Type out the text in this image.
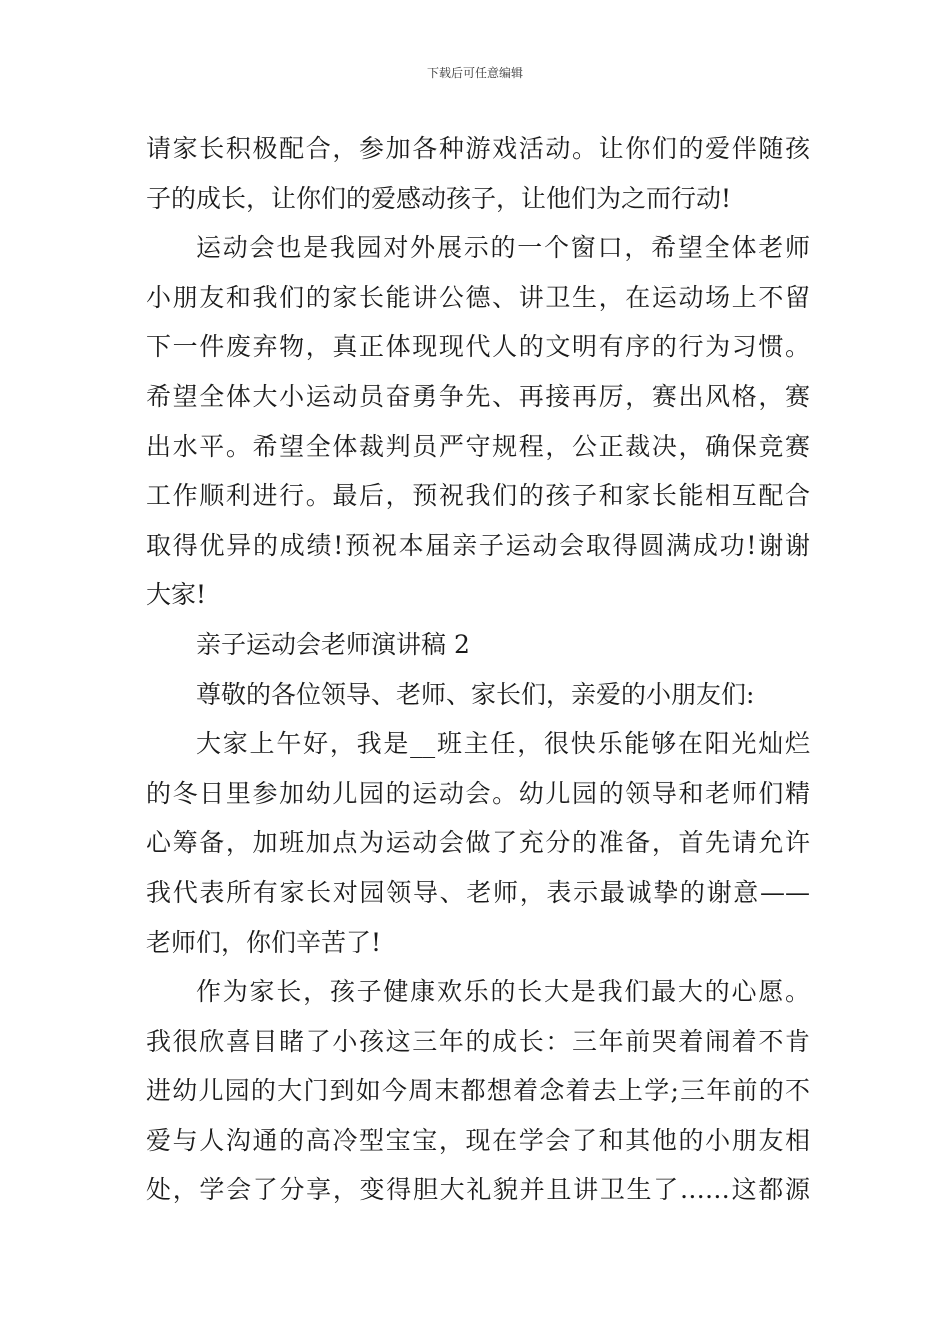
下载后可任意编辑
请家长积极配合，参加各种游戏活动。让你们的爱伴随孩
子的成长，让你们的爱感动孩子，让他们为之而行动!
运动会也是我园对外展示的一个窗口，希望全体老师
小朋友和我们的家长能讲公德、讲卫生，在运动场上不留
下一件废弃物，真正体现现代人的文明有序的行为习惯。
希望全体大小运动员奋勇争先、再接再厉，赛出风格，赛
出水平。希望全体裁判员严守规程，公正裁决，确保竞赛
工作顺利进行。最后，预祝我们的孩子和家长能相互配合
取得优异的成绩!预祝本届亲子运动会取得圆满成功!谢谢
大家!
亲子运动会老师演讲稿 2
尊敬的各位领导、老师、家长们，亲爱的小朋友们:
大家上午好，我是__班主任，很快乐能够在阳光灿烂
的冬日里参加幼儿园的运动会。幼儿园的领导和老师们精
心筹备，加班加点为运动会做了充分的准备，首先请允许
我代表所有家长对园领导、老师，表示最诚挚的谢意——
老师们，你们辛苦了!
作为家长，孩子健康欢乐的长大是我们最大的心愿。
我很欣喜目睹了小孩这三年的成长：三年前哭着闹着不肯
进幼儿园的大门到如今周末都想着念着去上学;三年前的不
爱与人沟通的高冷型宝宝，现在学会了和其他的小朋友相
处，学会了分享，变得胆大礼貌并且讲卫生了……这都源
